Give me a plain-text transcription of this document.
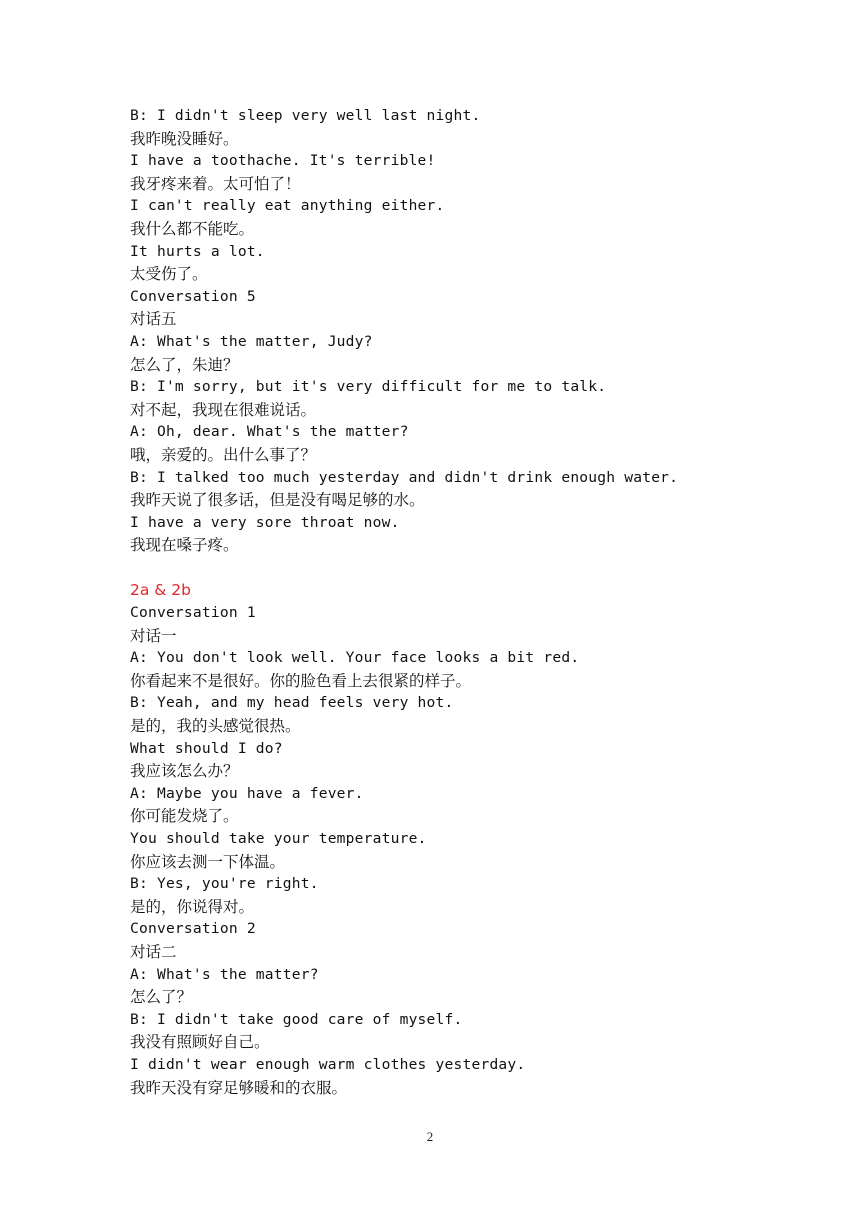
B: I didn't sleep very well last night.
我昨晚没睡好。
I have a toothache. It's terrible!
我牙疼来着。太可怕了！
I can't really eat anything either.
我什么都不能吃。
It hurts a lot.
太受伤了。
Conversation 5
对话五
A: What's the matter, Judy?
怎么了，朱迪？
B: I'm sorry, but it's very difficult for me to talk.
对不起，我现在很难说话。
A: Oh, dear. What's the matter?
哦，亲爱的。出什么事了？
B: I talked too much yesterday and didn't drink enough water.
我昨天说了很多话，但是没有喝足够的水。
I have a very sore throat now.
我现在嗓子疼。
2a & 2b
Conversation 1
对话一
A: You don't look well. Your face looks a bit red.
你看起来不是很好。你的脸色看上去很紧的样子。
B: Yeah, and my head feels very hot.
是的，我的头感觉很热。
What should I do?
我应该怎么办？
A: Maybe you have a fever.
你可能发烧了。
You should take your temperature.
你应该去测一下体温。
B: Yes, you're right.
是的，你说得对。
Conversation 2
对话二
A: What's the matter?
怎么了？
B: I didn't take good care of myself.
我没有照顾好自己。
I didn't wear enough warm clothes yesterday.
我昨天没有穿足够暖和的衣服。
2
